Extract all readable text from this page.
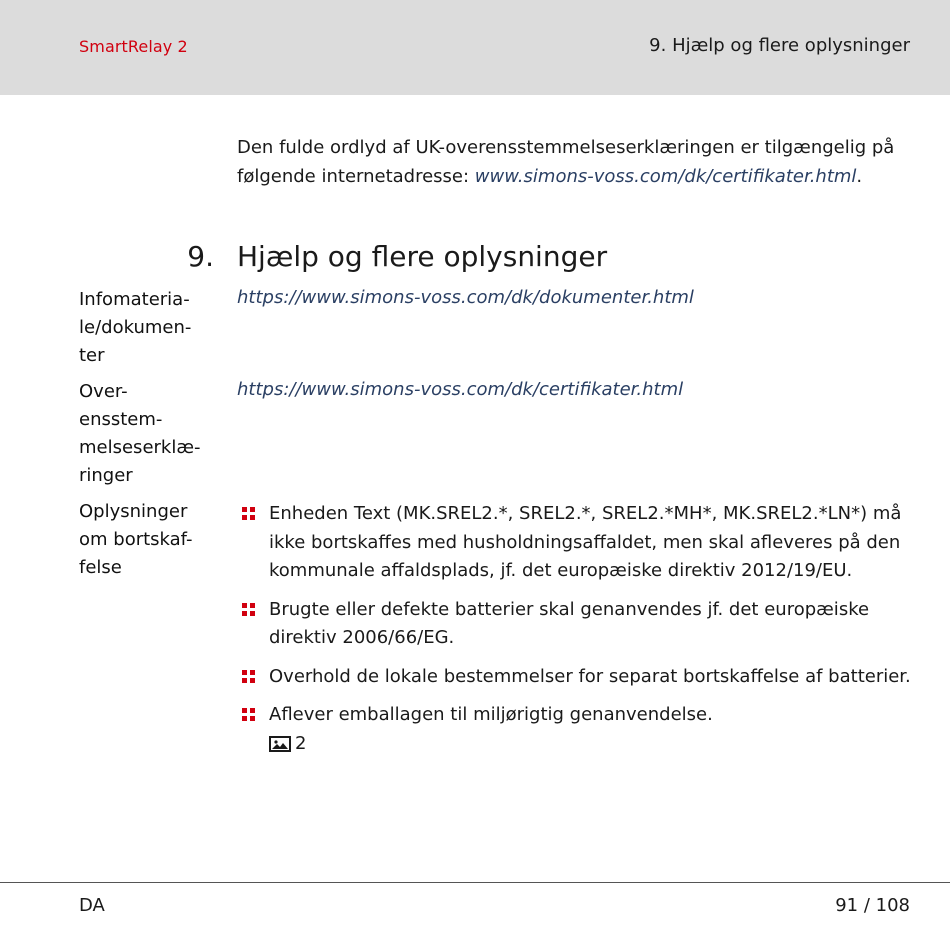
SmartRelay 2	9. Hjælp og flere oplysninger
Den fulde ordlyd af UK-overensstemmelseserklæringen er tilgængelig på følgende internetadresse: www.simons-voss.com/dk/certifikater.html.
9. Hjælp og flere oplysninger
Infomateria-
le/dokumen-
ter
https://www.simons-voss.com/dk/dokumenter.html
Over-
ensstem-
melseserklæ-
ringer
https://www.simons-voss.com/dk/certifikater.html
Oplysninger
om bortskaf-
felse
Enheden Text (MK.SREL2.*, SREL2.*, SREL2.*MH*, MK.SREL2.*LN*) må ikke bortskaffes med husholdningsaffaldet, men skal afleveres på den kommunale affaldsplads, jf. det europæiske direktiv 2012/19/EU.
Brugte eller defekte batterier skal genanvendes jf. det europæiske direktiv 2006/66/EG.
Overhold de lokale bestemmelser for separat bortskaffelse af batterier.
Aflever emballagen til miljørigtig genanvendelse.

2
DA	91 / 108
